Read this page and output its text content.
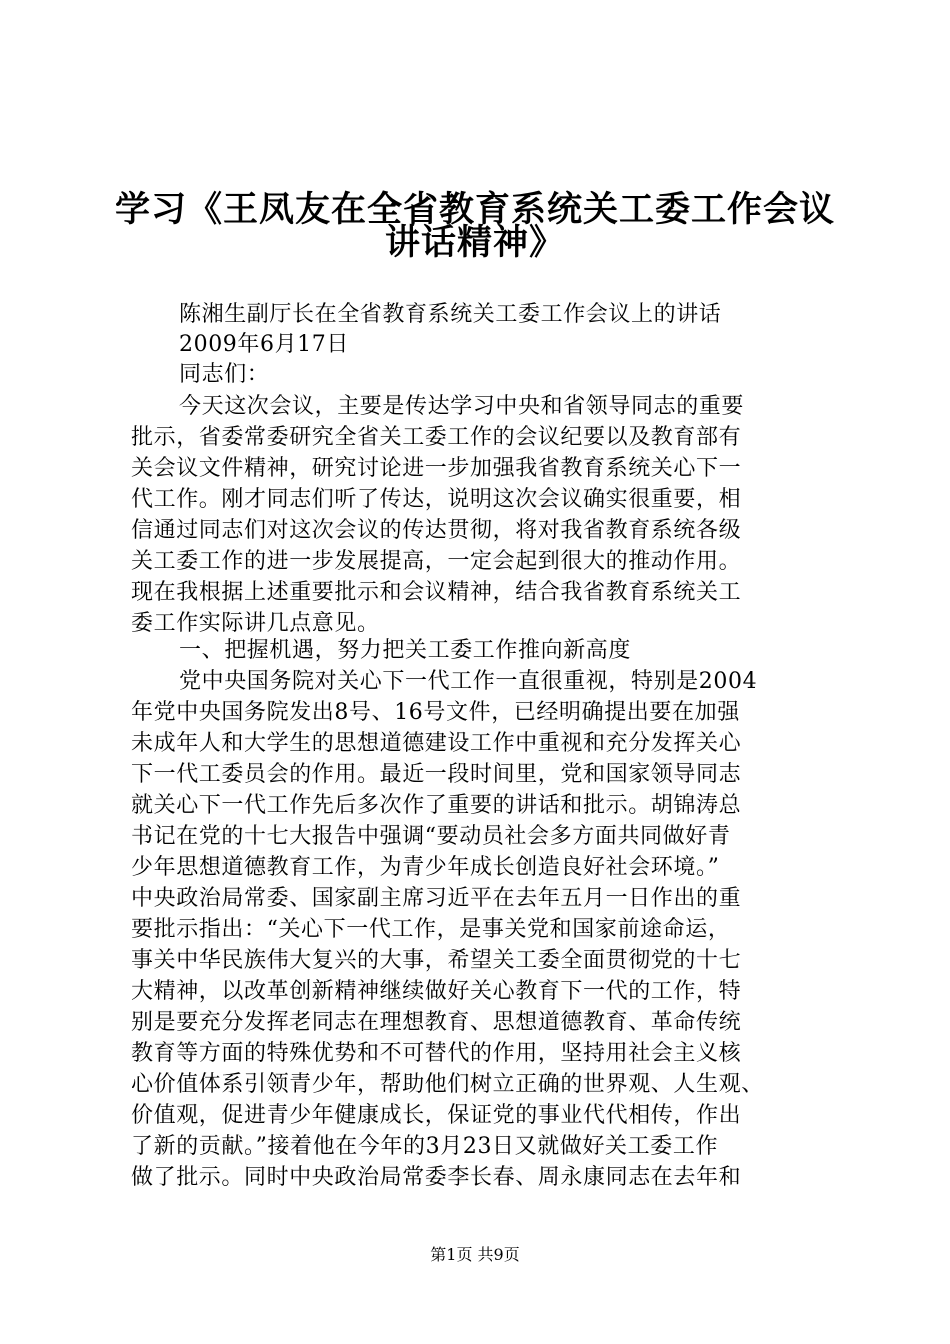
学习《王凤友在全省教育系统关工委工作会议
讲话精神》
陈湘生副厅长在全省教育系统关工委工作会议上的讲话
2009年6月17日
同志们：
今天这次会议，主要是传达学习中央和省领导同志的重要
批示，省委常委研究全省关工委工作的会议纪要以及教育部有
关会议文件精神，研究讨论进一步加强我省教育系统关心下一
代工作。刚才同志们听了传达，说明这次会议确实很重要，相
信通过同志们对这次会议的传达贯彻，将对我省教育系统各级
关工委工作的进一步发展提高，一定会起到很大的推动作用。
现在我根据上述重要批示和会议精神，结合我省教育系统关工
委工作实际讲几点意见。
一、把握机遇，努力把关工委工作推向新高度
党中央国务院对关心下一代工作一直很重视，特别是2004
年党中央国务院发出8号、16号文件，已经明确提出要在加强
未成年人和大学生的思想道德建设工作中重视和充分发挥关心
下一代工委员会的作用。最近一段时间里，党和国家领导同志
就关心下一代工作先后多次作了重要的讲话和批示。胡锦涛总
书记在党的十七大报告中强调“要动员社会多方面共同做好青
少年思想道德教育工作，为青少年成长创造良好社会环境。”
中央政治局常委、国家副主席习近平在去年五月一日作出的重
要批示指出：“关心下一代工作，是事关党和国家前途命运，
事关中华民族伟大复兴的大事，希望关工委全面贯彻党的十七
大精神，以改革创新精神继续做好关心教育下一代的工作，特
别是要充分发挥老同志在理想教育、思想道德教育、革命传统
教育等方面的特殊优势和不可替代的作用，坚持用社会主义核
心价值体系引领青少年，帮助他们树立正确的世界观、人生观、
价值观，促进青少年健康成长，保证党的事业代代相传，作出
了新的贡献。”接着他在今年的3月23日又就做好关工委工作
做了批示。同时中央政治局常委李长春、周永康同志在去年和
第1页 共9页
